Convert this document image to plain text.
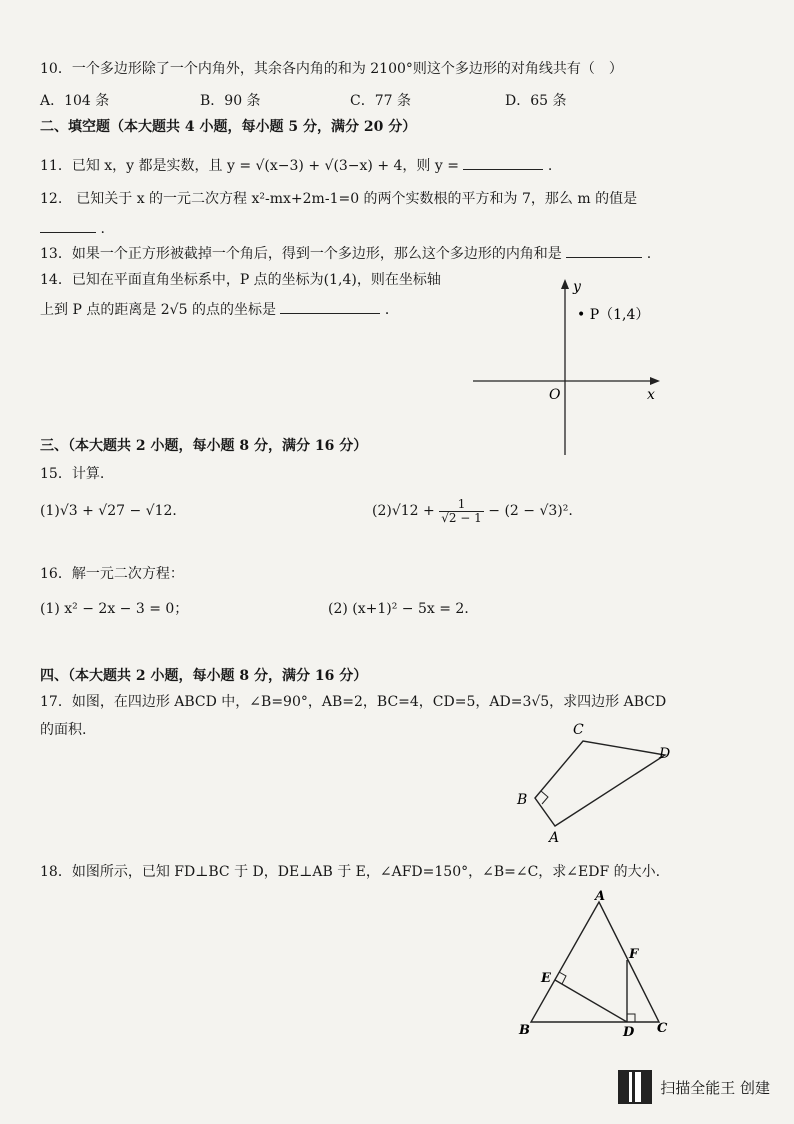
10．一个多边形除了一个内角外，其余各内角的和为 2100°则这个多边形的对角线共有（　）
A．104 条	B．90 条	C．77 条	D．65 条
二、填空题（本大题共 4 小题，每小题 5 分，满分 20 分）
11．已知 x，y 都是实数，且 y = √(x−3) + √(3−x) + 4，则 y =	.
12.　已知关于 x 的一元二次方程 x²-mx+2m-1=0 的两个实数根的平方和为 7，那么 m 的值是
.
13．如果一个正方形被截掉一个角后，得到一个多边形，那么这个多边形的内角和是	.
14．已知在平面直角坐标系中，P 点的坐标为(1,4)，则在坐标轴
上到 P 点的距离是 2√5 的点的坐标是	．
y
x
O
• P（1,4）
三、（本大题共 2 小题，每小题 8 分，满分 16 分）
15．计算.
(1)√3 + √27 − √12．	$(2)√12 + \frac{1}{√2 - 1} - (2 - √3)^2$.
16．解一元二次方程：
(1) x² − 2x − 3 = 0；	(2) (x+1)² − 5x = 2．
四、（本大题共 2 小题，每小题 8 分，满分 16 分）
17．如图，在四边形 ABCD 中，∠B=90°，AB=2，BC=4，CD=5，AD=3√5，求四边形 ABCD
的面积.	C
D
B
A
18．如图所示，已知 FD⊥BC 于 D，DE⊥AB 于 E，∠AFD=150°，∠B=∠C，求∠EDF 的大小.
A
B	C
D
E
F
扫描全能王 创建
